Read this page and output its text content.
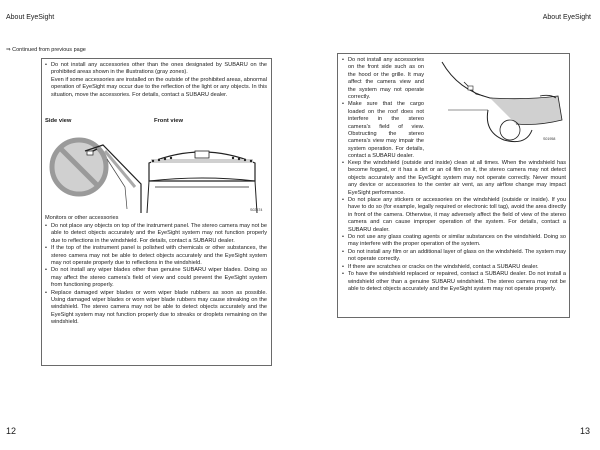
About EyeSight	About EyeSight
⇒ Continued from previous page

• Do not install any accessories other than the ones designated by SUBARU on the prohibited areas shown in the illustrations (gray zones).

Even if some accessories are installed on the outside of the prohibited areas, abnormal operation of EyeSight may occur due to the reflection of the light or any objects. In this situation, move the accessories. For details, contact a SUBARU dealer.

Side view	Front view
S02874
Monitors or other accessories

• Do not place any objects on top of the instrument panel. The stereo camera may not be able to detect objects accurately and the EyeSight system may not function properly due to reflections in the windshield. For details, contact a SUBARU dealer.

• If the top of the instrument panel is polished with chemicals or other substances, the stereo camera may not be able to detect objects accurately and the EyeSight system may not operate properly due to reflections in the windshield.

• Do not install any wiper blades other than genuine SUBARU wiper blades. Doing so may affect the stereo camera's field of view and could prevent the EyeSight system from functioning properly.

• Replace damaged wiper blades or worn wiper blade rubbers as soon as possible. Using damaged wiper blades or worn wiper blade rubbers may cause streaking on the windshield. The stereo camera may not be able to detect objects accurately and the EyeSight system may not function properly due to streaks or droplets remaining on the windshield.

• Do not install any accessories on the front side such as on the hood or the grille. It may affect the camera view and the system may not operate correctly.

• Make sure that the cargo loaded on the roof does not interfere in the stereo camera's field of view. Obstructing the stereo camera's view may impair the system operation. For details, contact a SUBARU dealer.

S01958

• Keep the windshield (outside and inside) clean at all times. When the windshield has become fogged, or it has a dirt or an oil film on it, the stereo camera may not detect objects accurately and the EyeSight system may not operate correctly. Never mount any device or accessories to the center air vent, as any airflow change may impact EyeSight performance.

• Do not place any stickers or accessories on the windshield (outside or inside). If you have to do so (for example, legally required or electronic toll tag), avoid the area directly in front of the camera. Otherwise, it may adversely affect the field of view of the stereo camera and can cause improper operation of the system. For details, contact a SUBARU dealer.

• Do not use any glass coating agents or similar substances on the windshield. Doing so may interfere with the proper operation of the system.

• Do not install any film or an additional layer of glass on the windshield. The system may not operate correctly.

• If there are scratches or cracks on the windshield, contact a SUBARU dealer.

• To have the windshield replaced or repaired, contact a SUBARU dealer. Do not install a windshield other than a genuine SUBARU windshield. The stereo camera may not be able to detect objects accurately and the EyeSight system may not operate properly.

12	13
